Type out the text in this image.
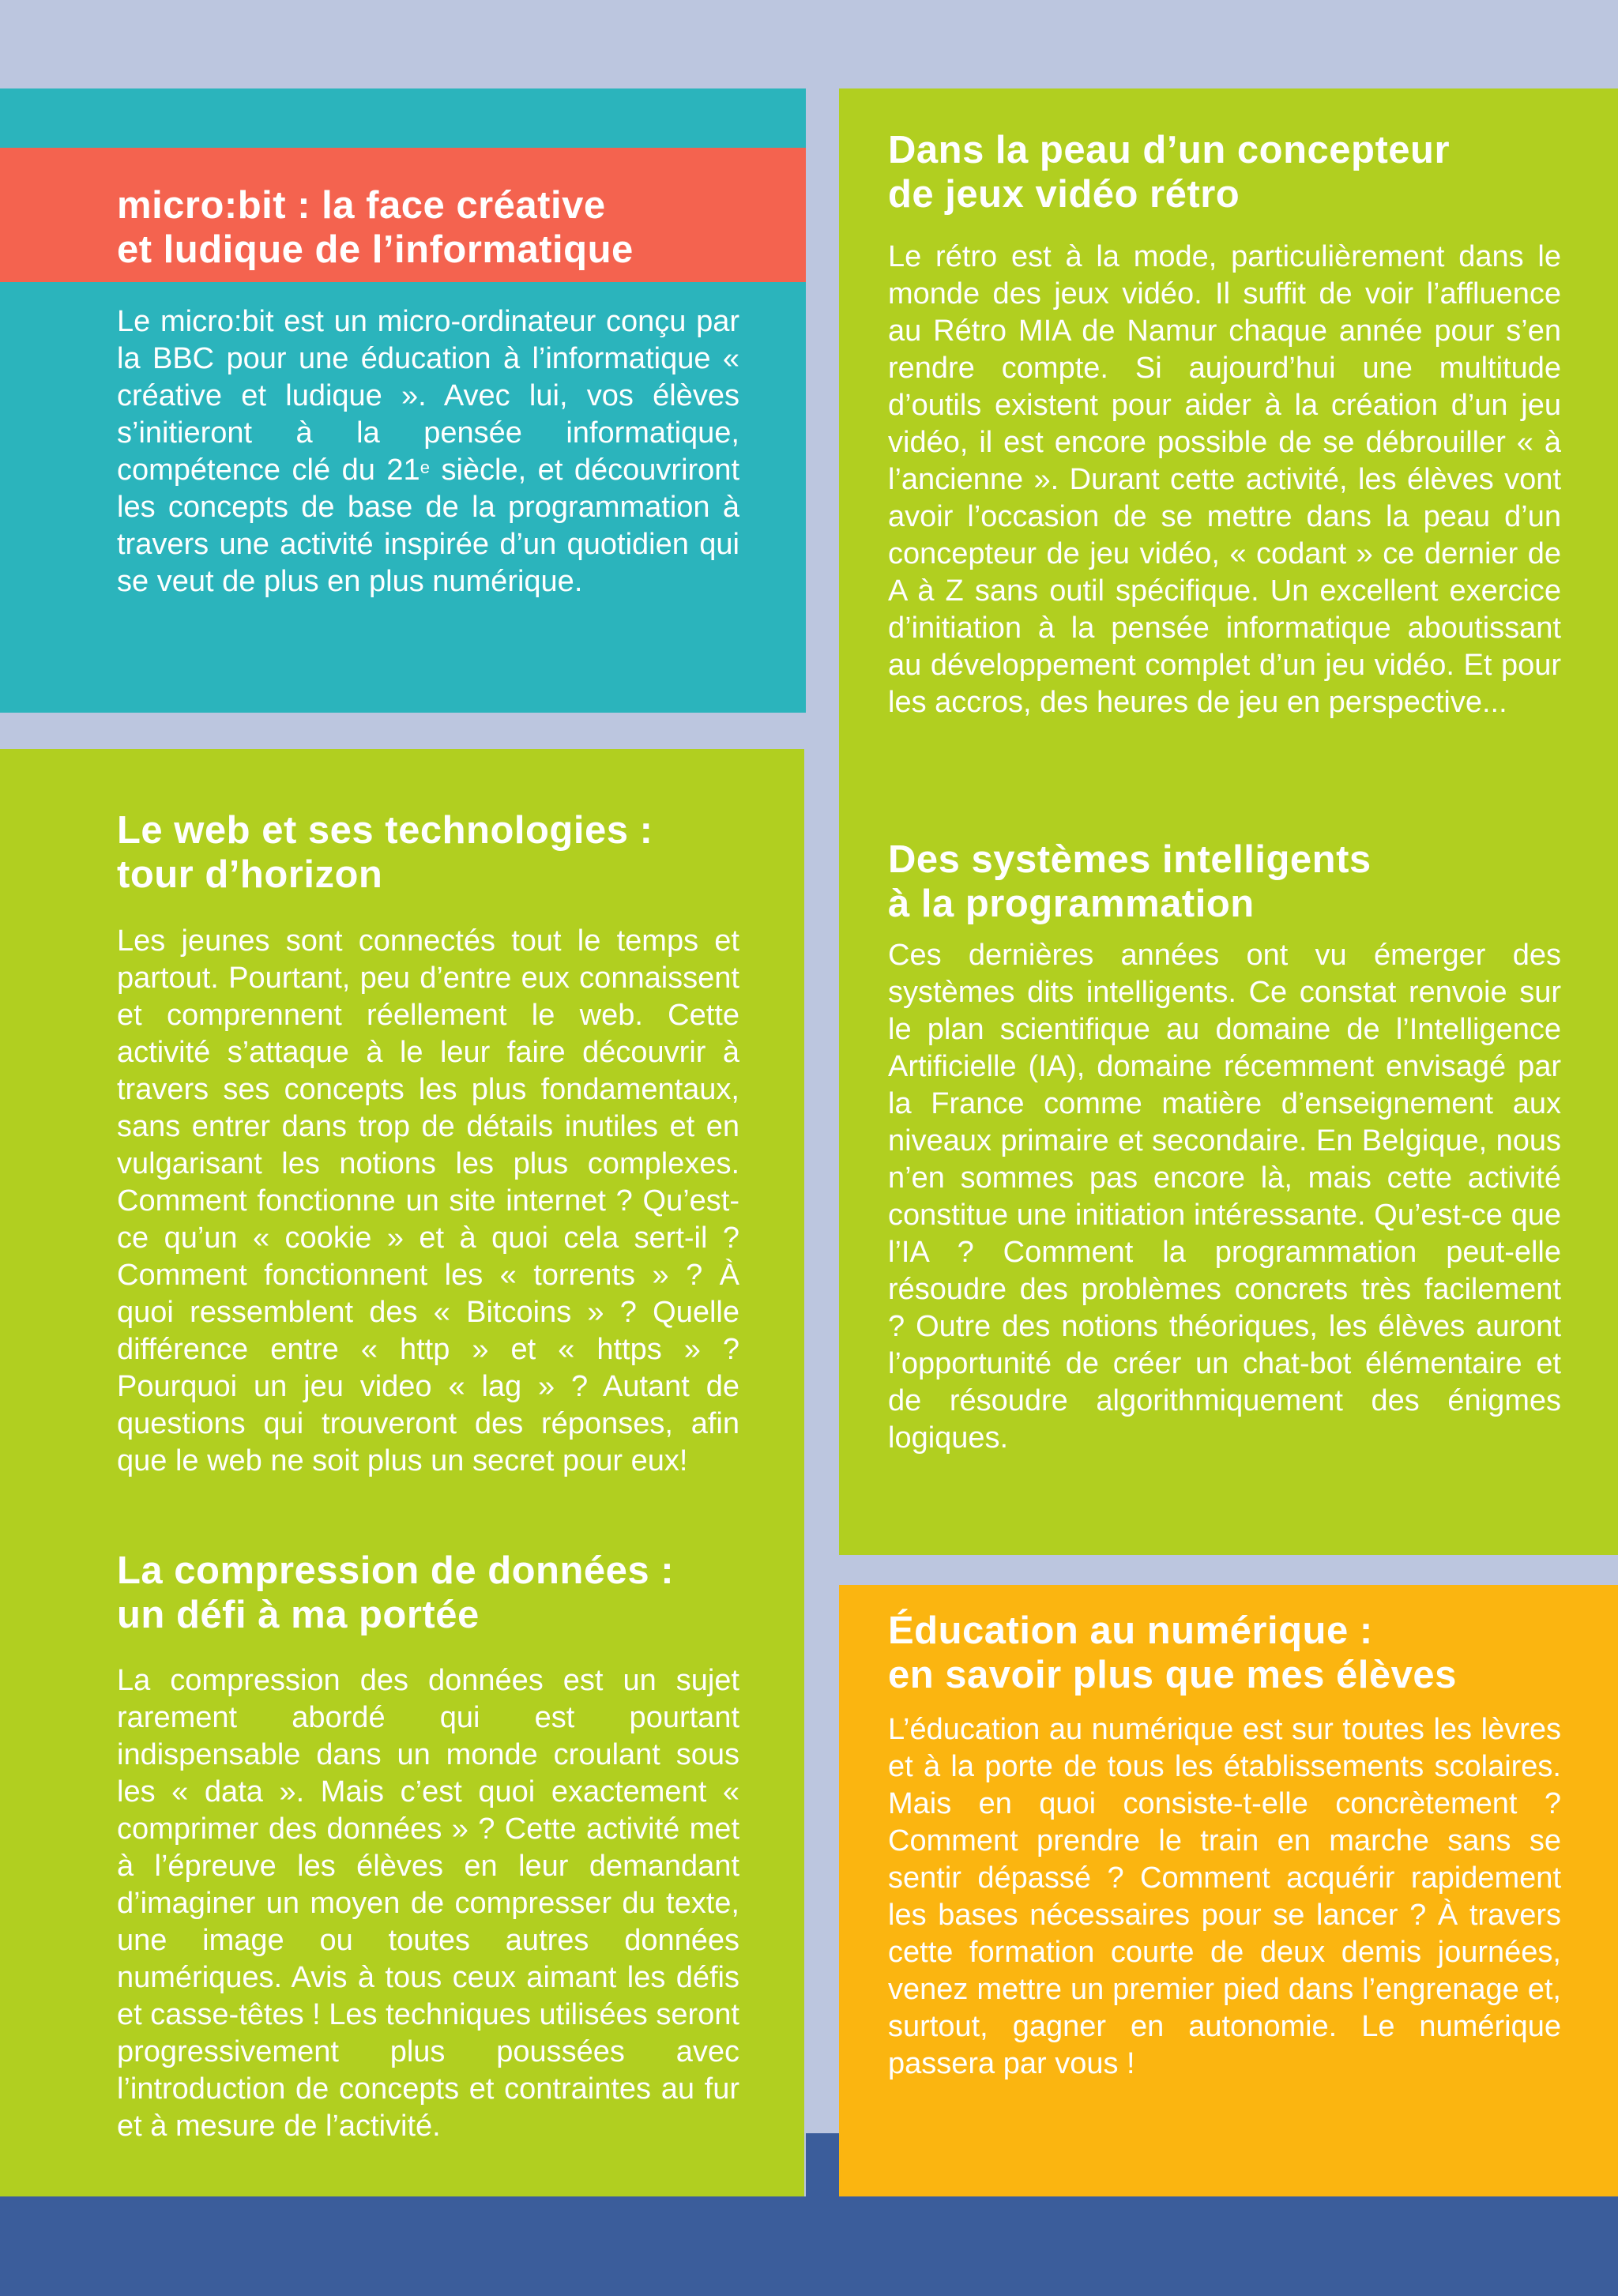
micro:bit : la face créative
et ludique de l’informatique

Le micro:bit est un micro-ordinateur conçu par la BBC pour une éducation à l’informatique « créative et ludique ». Avec lui, vos élèves s’initieront à la pensée informatique, compétence clé du 21e siècle, et découvriront les concepts de base de la programmation à travers une activité inspirée d’un quotidien qui se veut de plus en plus numérique.

Le web et ses technologies :
tour d’horizon

Les jeunes sont connectés tout le temps et partout. Pourtant, peu d’entre eux connaissent et comprennent réellement le web. Cette activité s’attaque à le leur faire découvrir à travers ses concepts les plus fondamentaux, sans entrer dans trop de détails inutiles et en vulgarisant les notions les plus complexes. Comment fonctionne un site internet ? Qu’est-ce qu’un « cookie » et à quoi cela sert-il ? Comment fonctionnent les « torrents » ? À quoi ressemblent des « Bitcoins » ? Quelle différence entre « http » et « https » ? Pourquoi un jeu video « lag » ? Autant de questions qui trouveront des réponses, afin que le web ne soit plus un secret pour eux!

La compression de données :
un défi à ma portée

La compression des données est un sujet rarement abordé qui est pourtant indispensable dans un monde croulant sous les « data ». Mais c’est quoi exactement « comprimer des données » ? Cette activité met à l’épreuve les élèves en leur demandant d’imaginer un moyen de compresser du texte, une image ou toutes autres données numériques. Avis à tous ceux aimant les défis et casse-têtes ! Les techniques utilisées seront progressivement plus poussées avec l’introduction de concepts et contraintes au fur et à mesure de l’activité.

Dans la peau d’un concepteur
de jeux vidéo rétro

Le rétro est à la mode, particulièrement dans le monde des jeux vidéo. Il suffit de voir l’affluence au Rétro MIA de Namur chaque année pour s’en rendre compte. Si aujourd’hui une multitude d’outils existent pour aider à la création d’un jeu vidéo, il est encore possible de se débrouiller « à l’ancienne ». Durant cette activité, les élèves vont avoir l’occasion de se mettre dans la peau d’un concepteur de jeu vidéo, « codant » ce dernier de A à Z sans outil spécifique. Un excellent exercice d’initiation à la pensée informatique aboutissant au développement complet d’un jeu vidéo. Et pour les accros, des heures de jeu en perspective...

Des systèmes intelligents
à la programmation

Ces dernières années ont vu émerger des systèmes dits intelligents. Ce constat renvoie sur le plan scientifique au domaine de l’Intelligence Artificielle (IA), domaine récemment envisagé par la France comme matière d’enseignement aux niveaux primaire et secondaire. En Belgique, nous n’en sommes pas encore là, mais cette activité constitue une initiation intéressante. Qu’est-ce que l’IA ? Comment la programmation peut-elle résoudre des problèmes concrets très facilement ? Outre des notions théoriques, les élèves auront l’opportunité de créer un chat-bot élémentaire et de résoudre algorithmiquement des énigmes logiques.

Éducation au numérique :
en savoir plus que mes élèves

L’éducation au numérique est sur toutes les lèvres et à la porte de tous les établissements scolaires. Mais en quoi consiste-t-elle concrètement ? Comment prendre le train en marche sans se sentir dépassé ? Comment acquérir rapidement les bases nécessaires pour se lancer ? À travers cette formation courte de deux demis journées, venez mettre un premier pied dans l’engrenage et, surtout, gagner en autonomie. Le numérique passera par vous !
